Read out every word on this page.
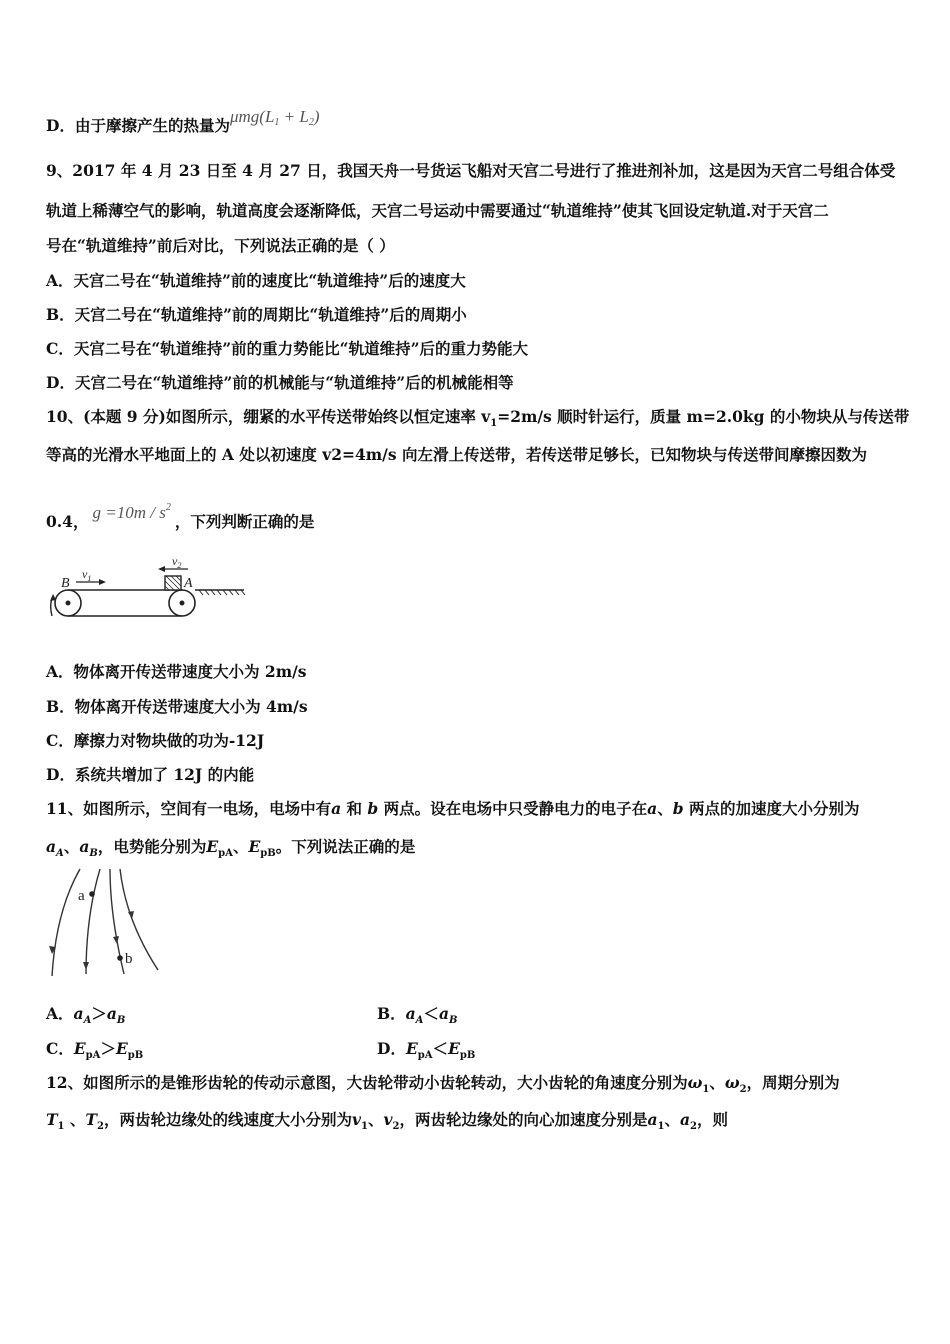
D．由于摩擦产生的热量为μmg(L1 + L2)
9、2017 年 4 月 23 日至 4 月 27 日，我国天舟一号货运飞船对天宫二号进行了推进剂补加，这是因为天宫二号组合体受
轨道上稀薄空气的影响，轨道高度会逐渐降低，天宫二号运动中需要通过“轨道维持”使其飞回设定轨道.对于天宫二
号在“轨道维持”前后对比，下列说法正确的是（ ）
A．天宫二号在“轨道维持”前的速度比“轨道维持”后的速度大
B．天宫二号在“轨道维持”前的周期比“轨道维持”后的周期小
C．天宫二号在“轨道维持”前的重力势能比“轨道维持”后的重力势能大
D．天宫二号在“轨道维持”前的机械能与“轨道维持”后的机械能相等
10、(本题 9 分)如图所示，绷紧的水平传送带始终以恒定速率 $v_1=2m/s$ 顺时针运行，质量 m=2.0kg 的小物块从与传送带
等高的光滑水平地面上的 A 处以初速度 v2=4m/s 向左滑上传送带，若传送带足够长，已知物块与传送带间摩擦因数为
0.4， $g =10m / s^2$，下列判断正确的是
B	A
$v_1$
$v_2$
A．物体离开传送带速度大小为 2m/s
B．物体离开传送带速度大小为 4m/s
C．摩擦力对物块做的功为-12J
D．系统共增加了 12J 的内能
11、如图所示，空间有一电场，电场中有a 和 b 两点。设在电场中只受静电力的电子在a、b 两点的加速度大小分别为
$a_A$、$a_B$，电势能分别为$E_{pA}$、$E_{pB}$。下列说法正确的是
a
b
A．$a_A>a_B$	B．$a_A<a_B$
C．$E_{pA}>E_{pB}$	D．$E_{pA}<E_{pB}$
12、如图所示的是锥形齿轮的传动示意图，大齿轮带动小齿轮转动，大小齿轮的角速度分别为$\omega_1$、$\omega_2$，周期分别为
$T_1$ 、$T_2$，两齿轮边缘处的线速度大小分别为$v_1$、$v_2$，两齿轮边缘处的向心加速度分别是$a_1$、$a_2$，则
